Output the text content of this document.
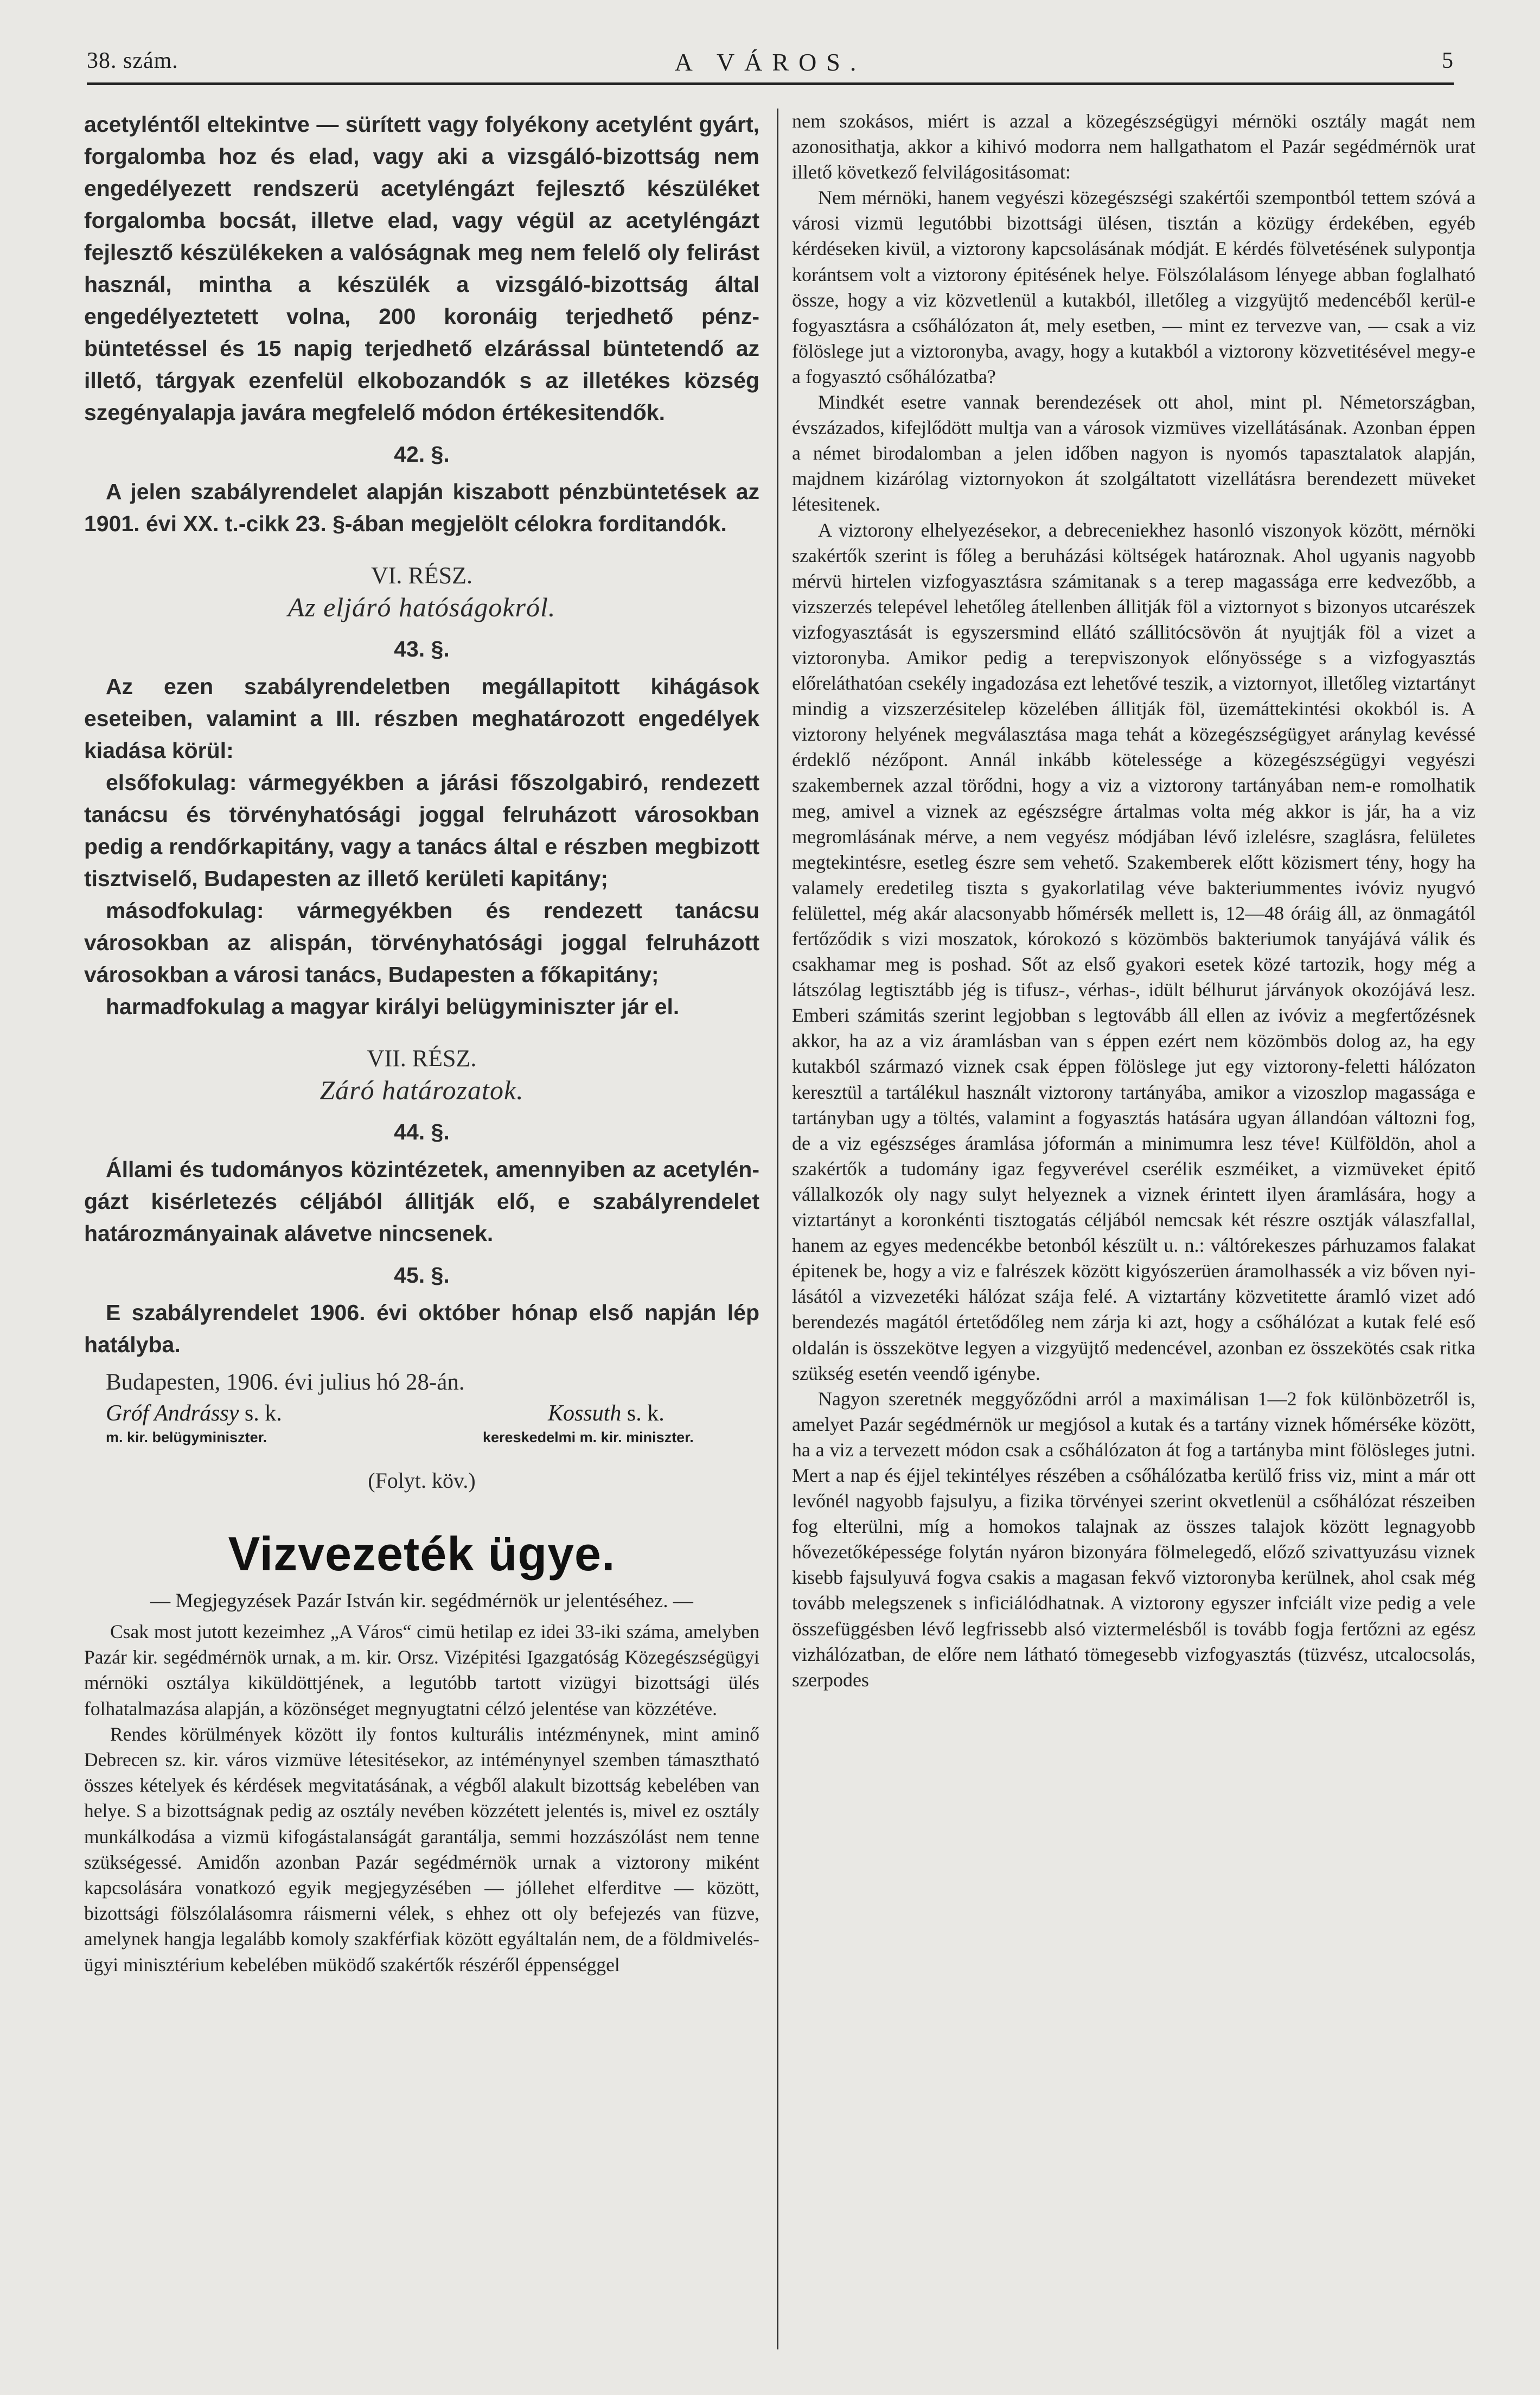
38. szám.	A VÁROS.	5

acetyléntől eltekintve — sürített vagy folyékony acetylént gyárt, forgalomba hoz és elad, vagy aki a vizsgáló-bizottság nem engedélyezett rendszerü acetyléngázt fejlesztő készüléket forgalomba bocsát, illetve elad, vagy végül az acetyléngázt fejlesztő készülékeken a valóságnak meg nem felelő oly felirást használ, mintha a készülék a vizsgáló-bizottság által engedélyeztetett volna, 200 koronáig terjedhető pénzbüntetéssel és 15 napig terjedhető elzárással büntetendő az illető, tárgyak ezenfelül elkobozandók s az illetékes község szegényalapja javára megfelelő módon értékesitendők.

42. §.

A jelen szabályrendelet alapján kiszabott pénzbüntetések az 1901. évi XX. t.-cikk 23. §-ában megjelölt célokra forditandók.

VI. RÉSZ.

Az eljáró hatóságokról.

43. §.

Az ezen szabályrendeletben megállapitott kihágások eseteiben, valamint a III. részben meghatározott engedélyek kiadása körül:

elsőfokulag: vármegyékben a járási főszolgabiró, rendezett tanácsu és törvényhatósági joggal felruházott városokban pedig a rendőrkapitány, vagy a tanács által e részben megbizott tisztviselő, Budapesten az illető kerületi kapitány;

másodfokulag: vármegyékben és rendezett tanácsu városokban az alispán, törvényhatósági joggal felruházott városokban a városi tanács, Budapesten a főkapitány;

harmadfokulag a magyar királyi belügyminiszter jár el.

VII. RÉSZ.

Záró határozatok.

44. §.

Állami és tudományos közintézetek, amennyiben az acetyléngázt kisérletezés céljából állitják elő, e szabályrendelet határozmányainak alávetve nincsenek.

45. §.

E szabályrendelet 1906. évi október hónap első napján lép hatályba.

Budapesten, 1906. évi julius hó 28-án.

Gróf Andrássy s. k.
m. kir. belügyminiszter.
Kossuth s. k.
kereskedelmi m. kir. miniszter.

(Folyt. köv.)

Vizvezeték ügye.

— Megjegyzések Pazár István kir. segédmérnök ur jelentéséhez. —

Csak most jutott kezeimhez „A Város“ cimü hetilap ez idei 33-iki száma, amelyben Pazár kir. segédmérnök urnak, a m. kir. Orsz. Vizépitési Igazgatóság Közegészségügyi mérnöki osztálya kiküldöttjének, a legutóbb tartott vizügyi bizottsági ülés folhatalmazása alapján, a közönséget megnyugtatni célzó jelentése van közzétéve.

Rendes körülmények között ily fontos kulturális intézménynek, mint aminő Debrecen sz. kir. város vizmüve létesitésekor, az intéménynyel szemben támasztható összes kételyek és kérdések megvitatásának, a végből alakult bizottság kebelében van helye. S a bizottságnak pedig az osztály nevében közzétett jelentés is, mivel ez osztály munkálkodása a vizmü kifogástalanságát garantálja, semmi hozzászólást nem tenne szükségessé. Amidőn azonban Pazár segédmérnök urnak a viztorony miként kapcsolására vonatkozó egyik megjegyzésében — jóllehet elferditve — között, bizottsági fölszólalásomra ráismerni vélek, s ehhez ott oly befejezés van füzve, amelynek hangja legalább komoly szakférfiak között egyáltalán nem, de a földmivelésügyi minisztérium kebelében müködő szakértők részéről éppenséggel

nem szokásos, miért is azzal a közegészségügyi mérnöki osztály magát nem azonosithatja, akkor a kihivó modorra nem hallgathatom el Pazár segédmérnök urat illető következő felvilágositásomat:

Nem mérnöki, hanem vegyészi közegészségi szakértői szempontból tettem szóvá a városi vizmü legutóbbi bizottsági ülésen, tisztán a közügy érdekében, egyéb kérdéseken kivül, a viztorony kapcsolásának módját. E kérdés fölvetésének sulypontja korántsem volt a viztorony épitésének helye. Fölszólalásom lényege abban foglalható össze, hogy a viz közvetlenül a kutakból, illetőleg a vizgyüjtő medencéből kerül-e fogyasztásra a csőhálózaton át, mely esetben, — mint ez tervezve van, — csak a viz fölöslege jut a viztoronyba, avagy, hogy a kutakból a viztorony közvetitésével megy-e a fogyasztó csőhálózatba?

Mindkét esetre vannak berendezések ott ahol, mint pl. Németországban, évszázados, kifejlődött multja van a városok vizmüves vizellátásának. Azonban éppen a német birodalomban a jelen időben nagyon is nyomós tapasztalatok alapján, majdnem kizárólag viztornyokon át szolgáltatott vizellátásra berendezett müveket létesitenek.

A viztorony elhelyezésekor, a debreceniekhez hasonló viszonyok között, mérnöki szakértők szerint is főleg a beruházási költségek határoznak. Ahol ugyanis nagyobb mérvü hirtelen vizfogyasztásra számitanak s a terep magassága erre kedvezőbb, a vizszerzés telepével lehetőleg átellenben állitják föl a viztornyot s bizonyos utcarészek vizfogyasztását is egyszersmind ellátó szállitócsövön át nyujtják föl a vizet a viztoronyba. Amikor pedig a terepviszonyok előnyössége s a vizfogyasztás előreláthatóan csekély ingadozása ezt lehetővé teszik, a viztornyot, illetőleg viztartányt mindig a vizszerzésitelep közelében állitják föl, üzemáttekintési okokból is. A viztorony helyének megválasztása maga tehát a közegészségügyet aránylag kevéssé érdeklő nézőpont. Annál inkább kötelessége a közegészségügyi vegyészi szakembernek azzal törődni, hogy a viz a viztorony tartányában nem-e romolhatik meg, amivel a viznek az egészségre ártalmas volta még akkor is jár, ha a viz megromlásának mérve, a nem vegyész módjában lévő izlelésre, szaglásra, felületes megtekintésre, esetleg észre sem vehető. Szakemberek előtt közismert tény, hogy ha valamely eredetileg tiszta s gyakorlatilag véve bakteriummentes ivóviz nyugvó felülettel, még akár alacsonyabb hőmérsék mellett is, 12—48 óráig áll, az önmagától fertőződik s vizi moszatok, kórokozó s közömbös bakteriumok tanyájává válik és csakhamar meg is poshad. Sőt az első gyakori esetek közé tartozik, hogy még a látszólag legtisztább jég is tifusz-, vérhas-, idült bélhurut járványok okozójává lesz. Emberi számitás szerint legjobban s legtovább áll ellen az ivóviz a megfertőzésnek akkor, ha az a viz áramlásban van s éppen ezért nem közömbös dolog az, ha egy kutakból származó viznek csak éppen fölöslege jut egy viztorony-feletti hálózaton keresztül a tartálékul használt viztorony tartányába, amikor a vizoszlop magassága e tartányban ugy a töltés, valamint a fogyasztás hatására ugyan állandóan változni fog, de a viz egészséges áramlása jóformán a minimumra lesz téve! Külföldön, ahol a szakértők a tudomány igaz fegyverével cserélik eszméiket, a vizmüveket épitő vállalkozók oly nagy sulyt helyeznek a viznek érintett ilyen áramlására, hogy a viztartányt a koronkénti tisztogatás céljából nemcsak két részre osztják válaszfallal, hanem az egyes medencékbe betonból készült u. n.: váltórekeszes párhuzamos falakat épitenek be, hogy a viz e falrészek között kigyószerüen áramolhassék a viz bőven nyilásától a vizvezetéki hálózat szája felé. A viztartány közvetitette áramló vizet adó berendezés magától értetődőleg nem zárja ki azt, hogy a csőhálózat a kutak felé eső oldalán is összekötve legyen a vizgyüjtő medencével, azonban ez összekötés csak ritka szükség esetén veendő igénybe.

Nagyon szeretnék meggyőződni arról a maximálisan 1—2 fok különbözetről is, amelyet Pazár segédmérnök ur megjósol a kutak és a tartány viznek hőmérséke között, ha a viz a tervezett módon csak a csőhálózaton át fog a tartányba mint fölösleges jutni. Mert a nap és éjjel tekintélyes részében a csőhálózatba kerülő friss viz, mint a már ott levőnél nagyobb fajsulyu, a fizika törvényei szerint okvetlenül a csőhálózat részeiben fog elterülni, míg a homokos talajnak az összes talajok között legnagyobb hővezetőképessége folytán nyáron bizonyára fölmelegedő, előző szivattyuzásu viznek kisebb fajsulyuvá fogva csakis a magasan fekvő viztoronyba kerülnek, ahol csak még tovább melegszenek s inficiálódhatnak. A viztorony egyszer infciált vize pedig a vele összefüggésben lévő legfrissebb alsó viztermelésből is tovább fogja fertőzni az egész vizhálózatban, de előre nem látható tömegesebb vizfogyasztás (tüzvész, utcalocsolás, szerpodes
